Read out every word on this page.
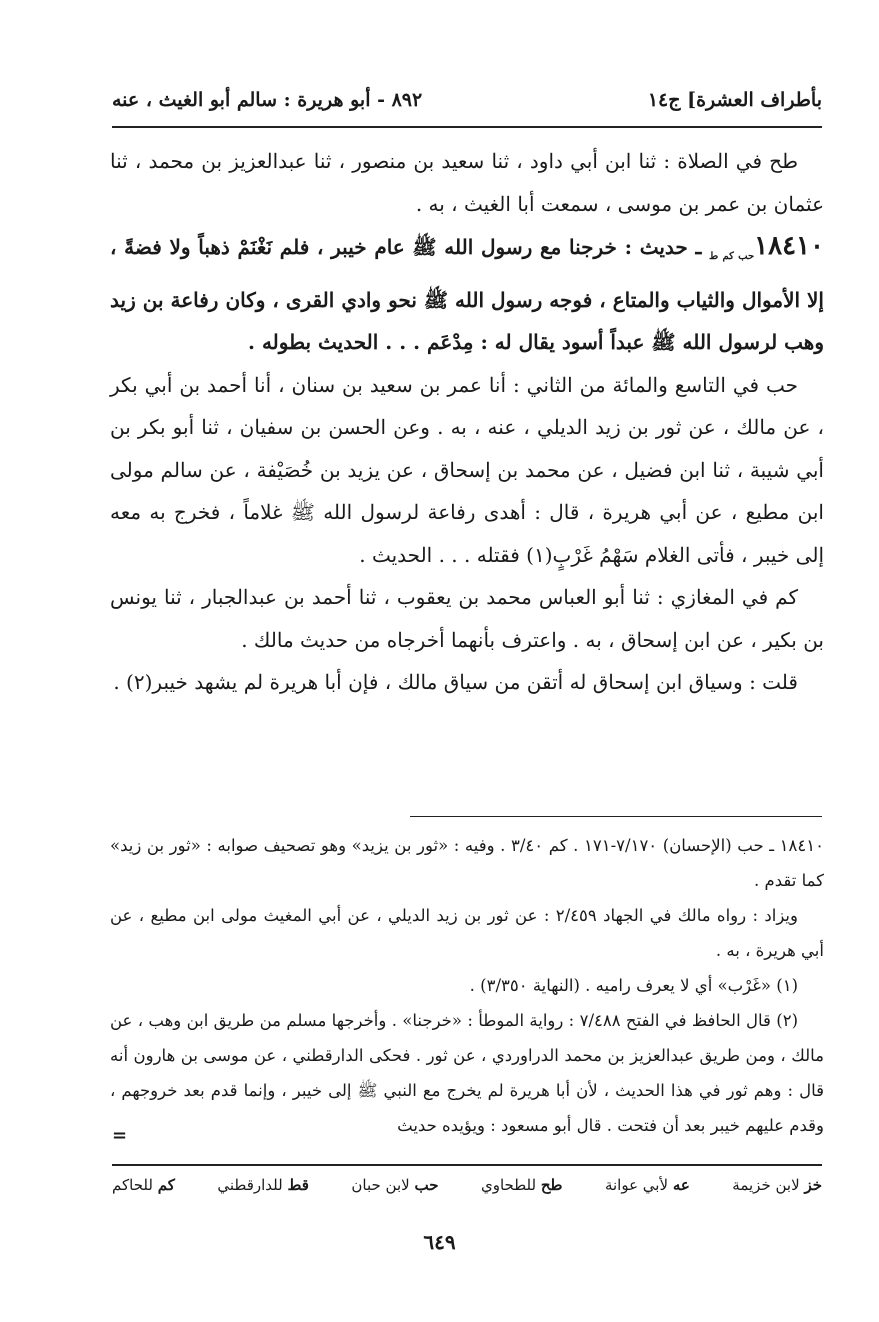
بأطراف العشرة] ج١٤
٨٩٢ - أبو هريرة : سالم أبو الغيث ، عنه

طح في الصلاة : ثنا ابن أبي داود ، ثنا سعيد بن منصور ، ثنا عبدالعزيز بن محمد ، ثنا عثمان بن عمر بن موسى ، سمعت أبا الغيث ، به .

$١٨٤١٠_{حب كم ط}$ ـ حديث : خرجنا مع رسول الله ﷺ عام خيبر ، فلم نَغْنَمْ ذهباً ولا فضةً ، إلا الأموال والثياب والمتاع ، فوجه رسول الله ﷺ نحو وادي القرى ، وكان رفاعة بن زيد وهب لرسول الله ﷺ عبداً أسود يقال له : مِدْعَم . . . الحديث بطوله .

حب في التاسع والمائة من الثاني : أنا عمر بن سعيد بن سنان ، أنا أحمد بن أبي بكر ، عن مالك ، عن ثور بن زيد الديلي ، عنه ، به . وعن الحسن بن سفيان ، ثنا أبو بكر بن أبي شيبة ، ثنا ابن فضيل ، عن محمد بن إسحاق ، عن يزيد بن خُصَيْفة ، عن سالم مولى ابن مطيع ، عن أبي هريرة ، قال : أهدى رفاعة لرسول الله ﷺ غلاماً ، فخرج به معه إلى خيبر ، فأتى الغلام سَهْمُ غَرْبٍ(١) فقتله . . . الحديث .

كم في المغازي : ثنا أبو العباس محمد بن يعقوب ، ثنا أحمد بن عبدالجبار ، ثنا يونس بن بكير ، عن ابن إسحاق ، به . واعترف بأنهما أخرجاه من حديث مالك .

قلت : وسياق ابن إسحاق له أتقن من سياق مالك ، فإن أبا هريرة لم يشهد خيبر(٢) .

١٨٤١٠ ـ حب (الإحسان) ٧/١٧٠-١٧١ . كم ٣/٤٠ . وفيه : «ثور بن يزيد» وهو تصحيف صوابه : «ثور بن زيد» كما تقدم .

ويزاد : رواه مالك في الجهاد ٢/٤٥٩ : عن ثور بن زيد الديلي ، عن أبي المغيث مولى ابن مطيع ، عن أبي هريرة ، به .

(١) «غَرْب» أي لا يعرف راميه . (النهاية ٣/٣٥٠) .

(٢) قال الحافظ في الفتح ٧/٤٨٨ : رواية الموطأ : «خرجنا» . وأخرجها مسلم من طريق ابن وهب ، عن مالك ، ومن طريق عبدالعزيز بن محمد الدراوردي ، عن ثور . فحكى الدارقطني ، عن موسى بن هارون أنه قال : وهم ثور في هذا الحديث ، لأن أبا هريرة لم يخرج مع النبي ﷺ إلى خيبر ، وإنما قدم بعد خروجهم ، وقدم عليهم خيبر بعد أن فتحت . قال أبو مسعود : ويؤيده حديث

=
خز لابن خزيمة
عه لأبي عوانة
طح للطحاوي
حب لابن حبان
قط للدارقطني
كم للحاكم
٦٤٩
